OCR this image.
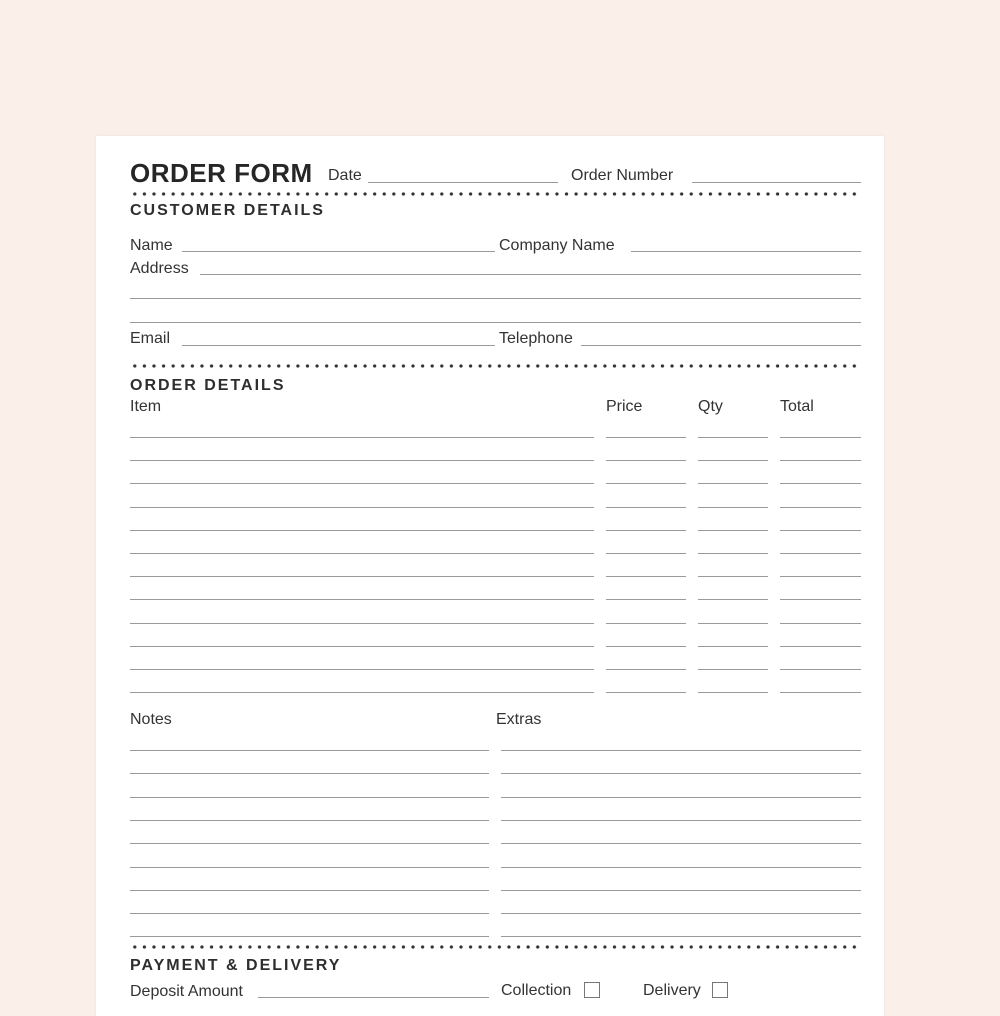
ORDER FORM Date	Order Number
CUSTOMER DETAILS
Name	Company Name
Address
Email	Telephone
ORDER DETAILS
Item	Price	Qty	Total
Notes	Extras
PAYMENT & DELIVERY
Deposit Amount	Collection	Delivery
